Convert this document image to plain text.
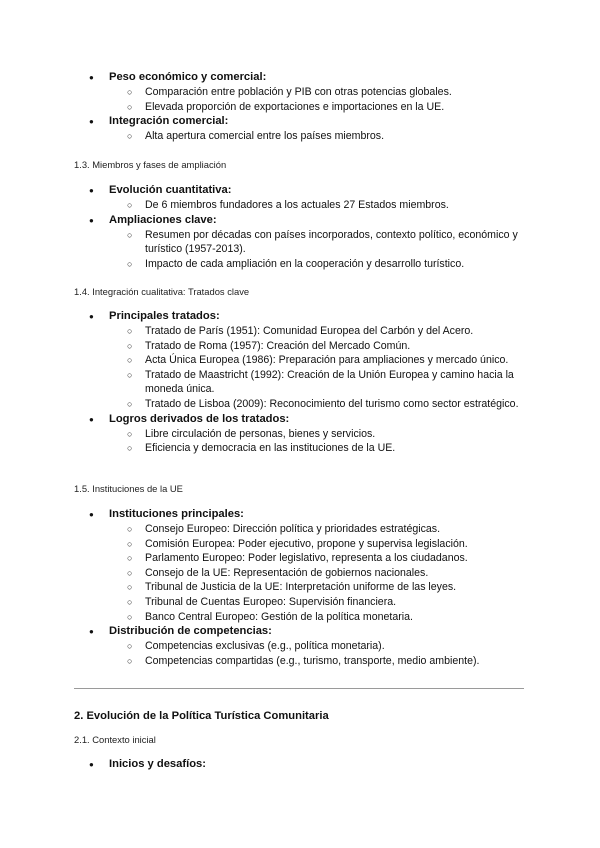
● Peso económico y comercial:
○ Comparación entre población y PIB con otras potencias globales.
○ Elevada proporción de exportaciones e importaciones en la UE.
● Integración comercial:
○ Alta apertura comercial entre los países miembros.
1.3. Miembros y fases de ampliación
● Evolución cuantitativa:
○ De 6 miembros fundadores a los actuales 27 Estados miembros.
● Ampliaciones clave:
○ Resumen por décadas con países incorporados, contexto político, económico y turístico (1957-2013).
○ Impacto de cada ampliación en la cooperación y desarrollo turístico.
1.4. Integración cualitativa: Tratados clave
● Principales tratados:
○ Tratado de París (1951): Comunidad Europea del Carbón y del Acero.
○ Tratado de Roma (1957): Creación del Mercado Común.
○ Acta Única Europea (1986): Preparación para ampliaciones y mercado único.
○ Tratado de Maastricht (1992): Creación de la Unión Europea y camino hacia la moneda única.
○ Tratado de Lisboa (2009): Reconocimiento del turismo como sector estratégico.
● Logros derivados de los tratados:
○ Libre circulación de personas, bienes y servicios.
○ Eficiencia y democracia en las instituciones de la UE.
1.5. Instituciones de la UE
● Instituciones principales:
○ Consejo Europeo: Dirección política y prioridades estratégicas.
○ Comisión Europea: Poder ejecutivo, propone y supervisa legislación.
○ Parlamento Europeo: Poder legislativo, representa a los ciudadanos.
○ Consejo de la UE: Representación de gobiernos nacionales.
○ Tribunal de Justicia de la UE: Interpretación uniforme de las leyes.
○ Tribunal de Cuentas Europeo: Supervisión financiera.
○ Banco Central Europeo: Gestión de la política monetaria.
● Distribución de competencias:
○ Competencias exclusivas (e.g., política monetaria).
○ Competencias compartidas (e.g., turismo, transporte, medio ambiente).
2. Evolución de la Política Turística Comunitaria
2.1. Contexto inicial
● Inicios y desafíos:
